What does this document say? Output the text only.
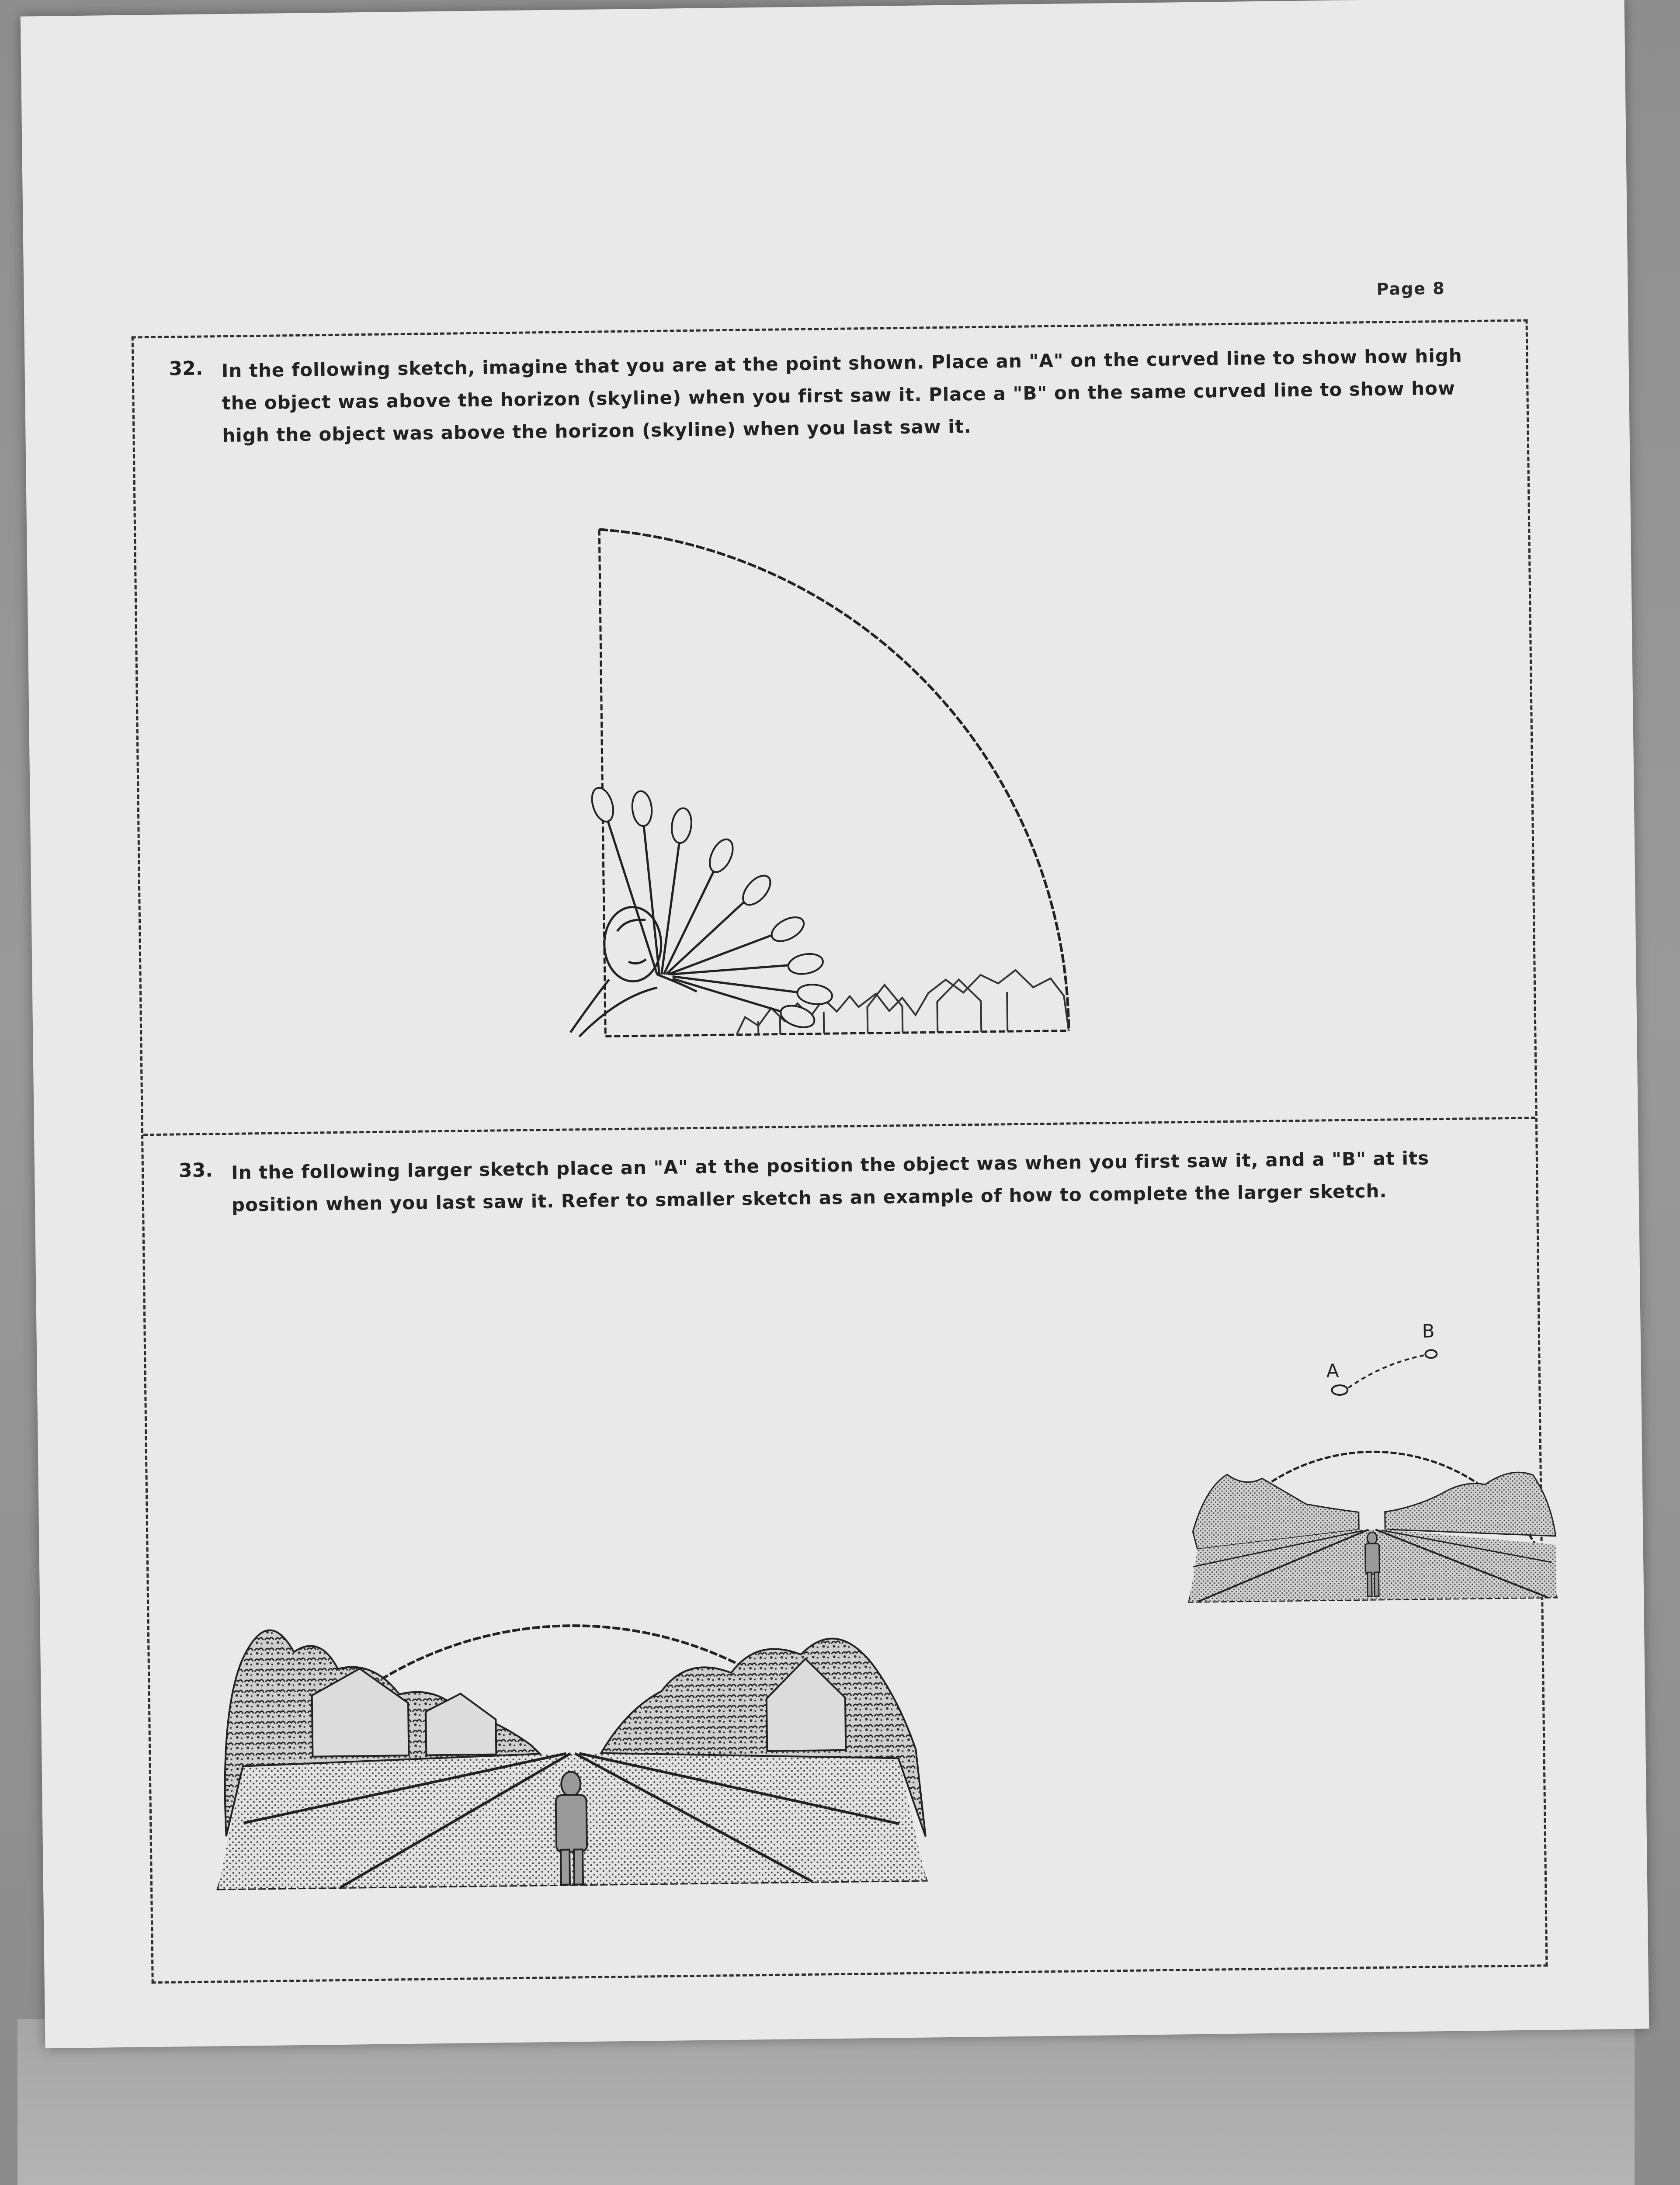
Page 8
32. In the following sketch, imagine that you are at the point shown. Place an "A" on the curved line to show how high the object was above the horizon (skyline) when you first saw it. Place a "B" on the same curved line to show how high the object was above the horizon (skyline) when you last saw it.
33. In the following larger sketch place an "A" at the position the object was when you first saw it, and a "B" at its position when you last saw it. Refer to smaller sketch as an example of how to complete the larger sketch.
A
B
